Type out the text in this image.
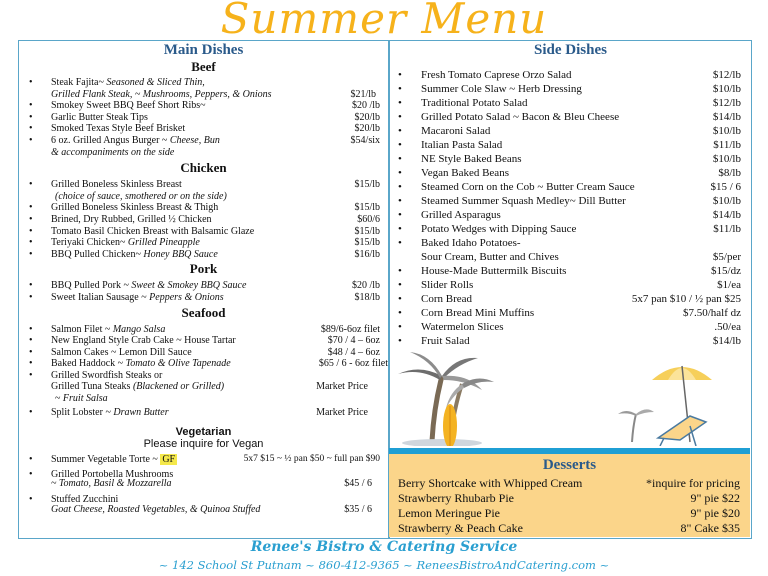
Summer Menu
Main Dishes
Beef
• Steak Fajita~ Seasoned & Sliced Thin,
Grilled Flank Steak, ~ Mushrooms, Peppers, & Onions	$21/lb
• Smokey Sweet BBQ Beef Short Ribs~	$20 /lb
• Garlic Butter Steak Tips	$20/lb
• Smoked Texas Style Beef Brisket	$20/lb
• 6 oz. Grilled Angus Burger ~ Cheese, Bun	$54/six
& accompaniments on the side
Chicken
• Grilled Boneless Skinless Breast	$15/lb
(choice of sauce, smothered or on the side)
• Grilled Boneless Skinless Breast & Thigh	$15/lb
• Brined, Dry Rubbed, Grilled ½ Chicken	$60/6
• Tomato Basil Chicken Breast with Balsamic Glaze	$15/lb
• Teriyaki Chicken~ Grilled Pineapple	$15/lb
• BBQ Pulled Chicken~ Honey BBQ Sauce	$16/lb
Pork
• BBQ Pulled Pork ~ Sweet & Smokey BBQ Sauce	$20 /lb
• Sweet Italian Sausage ~ Peppers & Onions	$18/lb
Seafood
• Salmon Filet ~ Mango Salsa	$89/6-6oz filet
• New England Style Crab Cake ~ House Tartar	$70 / 4 – 6oz
• Salmon Cakes ~ Lemon Dill Sauce	$48 / 4 – 6oz
• Baked Haddock ~ Tomato & Olive Tapenade	$65 / 6 - 6oz filet
• Grilled Swordfish Steaks or
Grilled Tuna Steaks (Blackened or Grilled)	Market Price
~ Fruit Salsa
• Split Lobster ~ Drawn Butter	Market Price
Vegetarian
Please inquire for Vegan
• Summer Vegetable Torte ~ GF	5x7 $15 ~ ½ pan $50 ~ full pan $90
• Grilled Portobella Mushrooms
~ Tomato, Basil & Mozzarella	$45 / 6
• Stuffed Zucchini
Goat Cheese, Roasted Vegetables, & Quinoa Stuffed	$35 / 6
Side Dishes
• Fresh Tomato Caprese Orzo Salad	$12/lb
• Summer Cole Slaw ~ Herb Dressing	$10/lb
• Traditional Potato Salad	$12/lb
• Grilled Potato Salad ~ Bacon & Bleu Cheese	$14/lb
• Macaroni Salad	$10/lb
• Italian Pasta Salad	$11/lb
• NE Style Baked Beans	$10/lb
• Vegan Baked Beans	$8/lb
• Steamed Corn on the Cob ~ Butter Cream Sauce	$15 / 6
• Steamed Summer Squash Medley~ Dill Butter	$10/lb
• Grilled Asparagus	$14/lb
• Potato Wedges with Dipping Sauce	$11/lb
• Baked Idaho Potatoes-
Sour Cream, Butter and Chives	$5/per
• House-Made Buttermilk Biscuits	$15/dz
• Slider Rolls	$1/ea
• Corn Bread	5x7 pan $10 / ½ pan $25
• Corn Bread Mini Muffins	$7.50/half dz
• Watermelon Slices	.50/ea
• Fruit Salad	$14/lb
Desserts
Berry Shortcake with Whipped Cream	*inquire for pricing
Strawberry Rhubarb Pie	9" pie $22
Lemon Meringue Pie	9" pie $20
Strawberry & Peach Cake	8" Cake $35
Renee's Bistro & Catering Service
~ 142 School St Putnam ~ 860-412-9365 ~ ReneesBistroAndCatering.com ~
